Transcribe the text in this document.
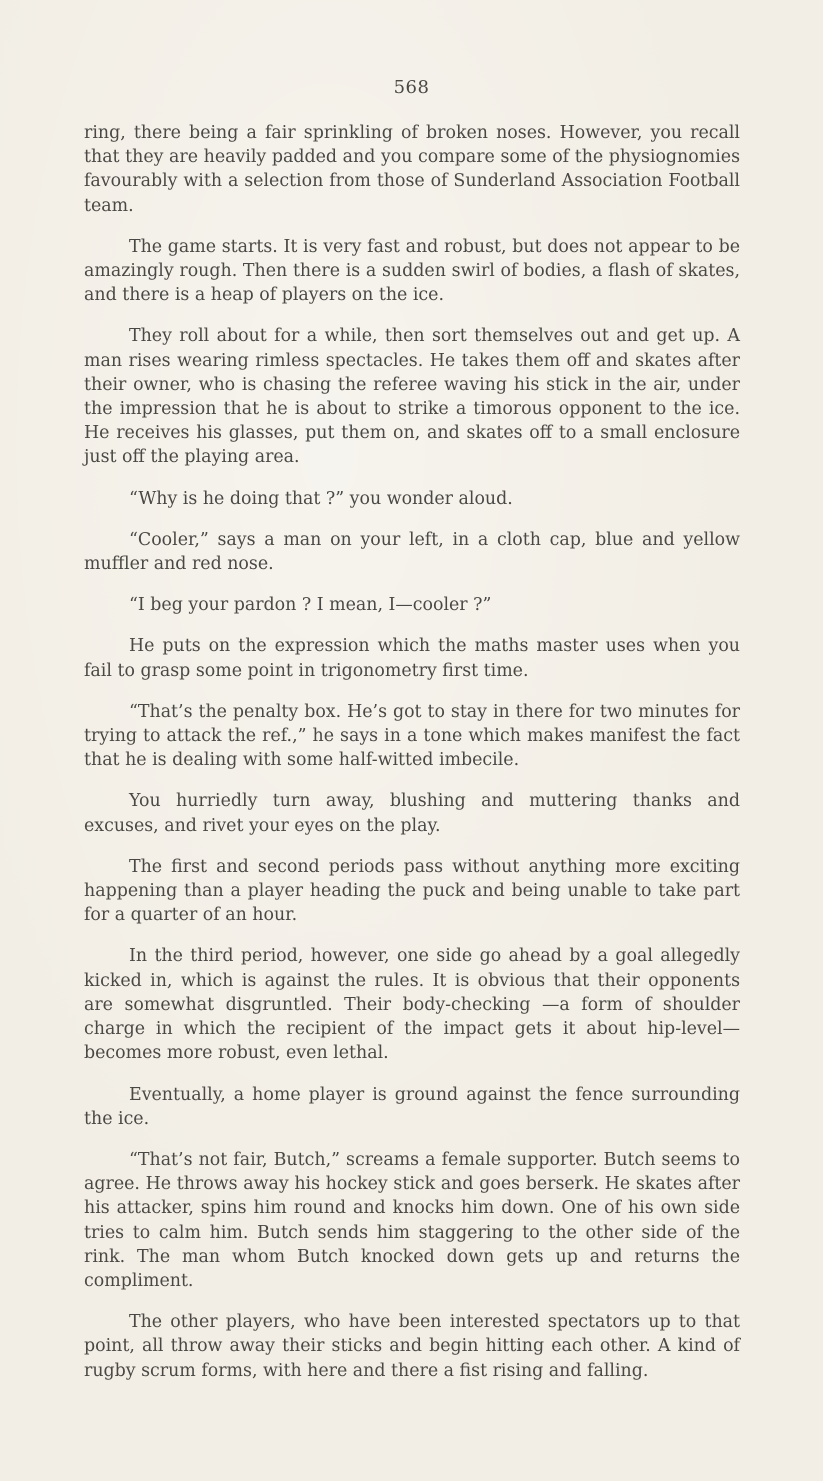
568

ring, there being a fair sprinkling of broken noses. However, you recall that they are heavily padded and you compare some of the physiognomies favourably with a selection from those of Sunderland Association Football team.

The game starts. It is very fast and robust, but does not appear to be amazingly rough. Then there is a sudden swirl of bodies, a flash of skates, and there is a heap of players on the ice.

They roll about for a while, then sort themselves out and get up. A man rises wearing rimless spectacles. He takes them off and skates after their owner, who is chasing the referee waving his stick in the air, under the impression that he is about to strike a timorous opponent to the ice. He receives his glasses, put them on, and skates off to a small enclosure just off the playing area.

“Why is he doing that ?” you wonder aloud.

“Cooler,” says a man on your left, in a cloth cap, blue and yellow muffler and red nose.

“I beg your pardon ? I mean, I—cooler ?”

He puts on the expression which the maths master uses when you fail to grasp some point in trigonometry first time.

“That’s the penalty box. He’s got to stay in there for two minutes for trying to attack the ref.,” he says in a tone which makes manifest the fact that he is dealing with some half-witted imbecile.

You hurriedly turn away, blushing and muttering thanks and excuses, and rivet your eyes on the play.

The first and second periods pass without anything more exciting happening than a player heading the puck and being unable to take part for a quarter of an hour.

In the third period, however, one side go ahead by a goal allegedly kicked in, which is against the rules. It is obvious that their opponents are somewhat disgruntled. Their body-checking —a form of shoulder charge in which the recipient of the impact gets it about hip-level—becomes more robust, even lethal.

Eventually, a home player is ground against the fence surrounding the ice.

“That’s not fair, Butch,” screams a female supporter. Butch seems to agree. He throws away his hockey stick and goes berserk. He skates after his attacker, spins him round and knocks him down. One of his own side tries to calm him. Butch sends him staggering to the other side of the rink. The man whom Butch knocked down gets up and returns the compliment.

The other players, who have been interested spectators up to that point, all throw away their sticks and begin hitting each other. A kind of rugby scrum forms, with here and there a fist rising and falling.
